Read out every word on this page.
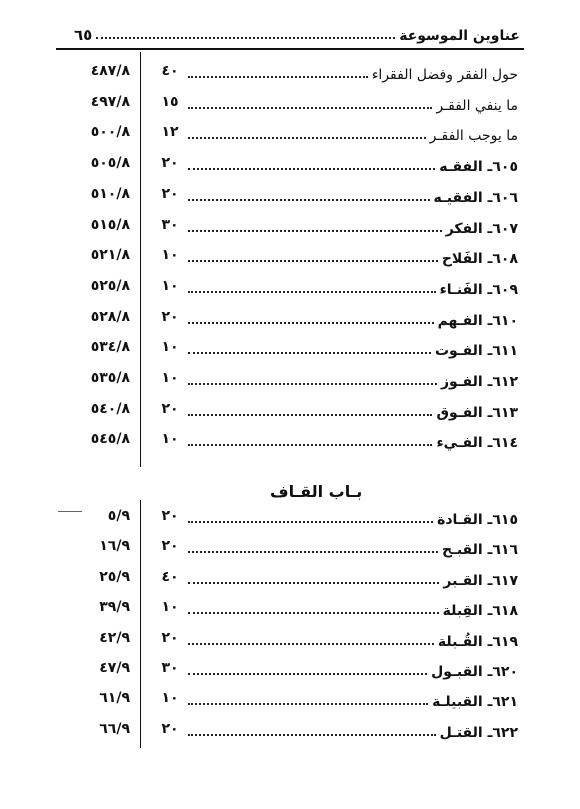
عناوين الموسوعة
٦٥
حول الفقر وفضل الفقراء
٤٠
٤٨٧/٨
ما ينفي الفقـر
١٥
٤٩٧/٨
ما يوجب الفقـر
١٢
٥٠٠/٨
٦٠٥ـ الفقـه
٢٠
٥٠٥/٨
٦٠٦ـ الفقيـه
٢٠
٥١٠/٨
٦٠٧ـ الفكر
٣٠
٥١٥/٨
٦٠٨ـ الفَلاح
١٠
٥٢١/٨
٦٠٩ـ الفَنـاء
١٠
٥٢٥/٨
٦١٠ـ الفـهم
٢٠
٥٢٨/٨
٦١١ـ الفـوت
١٠
٥٣٤/٨
٦١٢ـ الفـوز
١٠
٥٣٥/٨
٦١٣ـ الفـوق
٢٠
٥٤٠/٨
٦١٤ـ الفـيء
١٠
٥٤٥/٨
بـاب القـاف
٦١٥ـ القـادة
٢٠
٥/٩
٦١٦ـ القبـح
٢٠
١٦/٩
٦١٧ـ القـبر
٤٠
٢٥/٩
٦١٨ـ القِبلة
١٠
٣٩/٩
٦١٩ـ القُـبلة
٢٠
٤٢/٩
٦٢٠ـ القبـول
٣٠
٤٧/٩
٦٢١ـ القبيلـة
١٠
٦١/٩
٦٢٢ـ القتـل
٢٠
٦٦/٩
